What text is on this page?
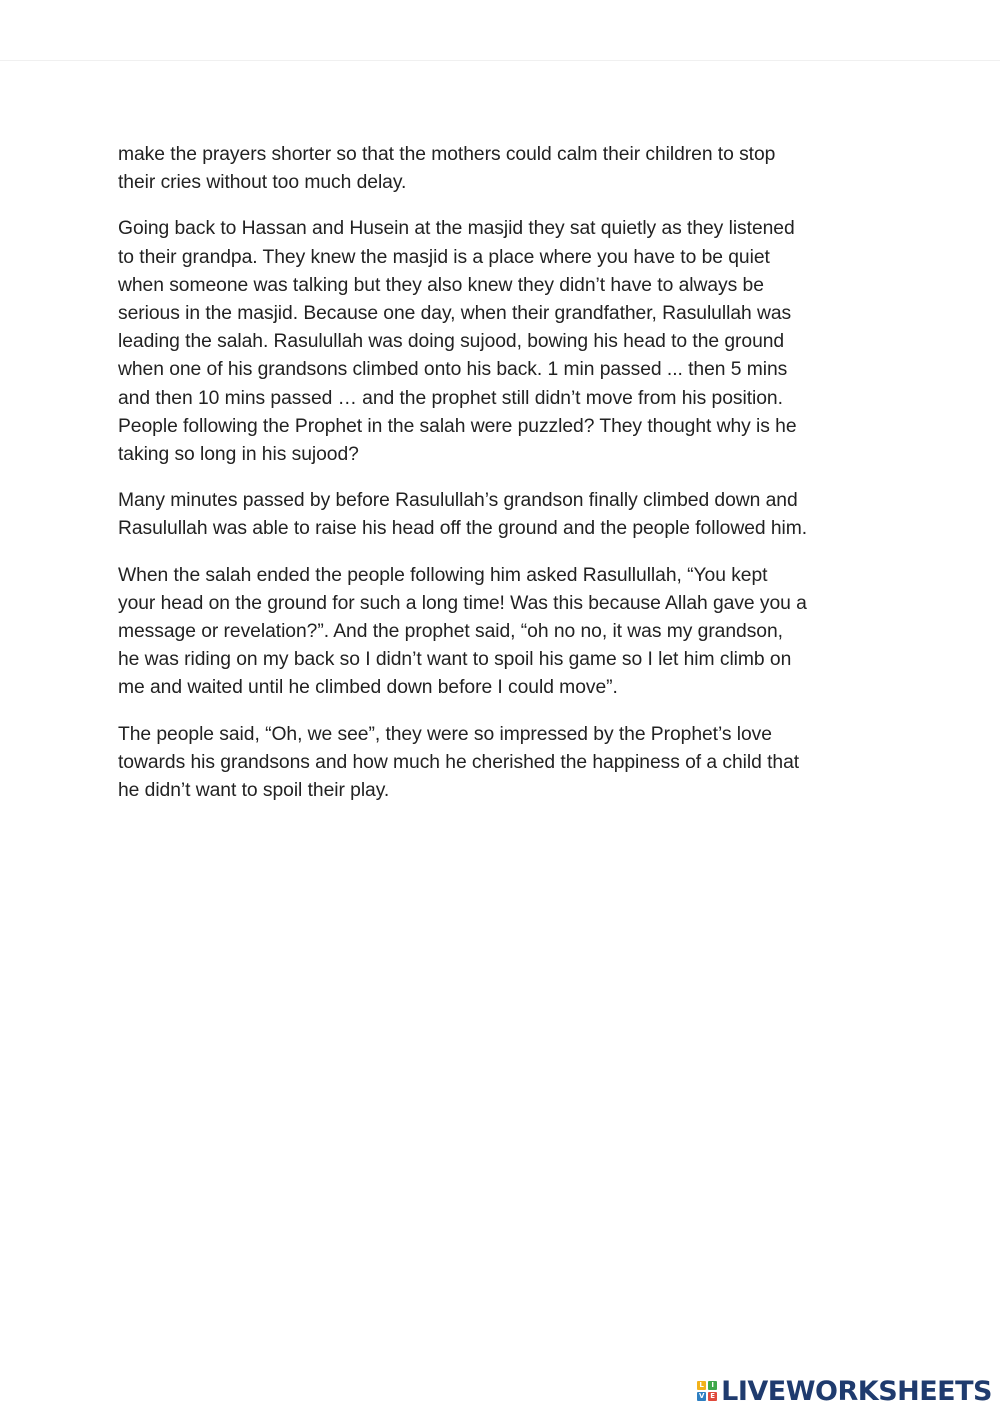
make the prayers shorter so that the mothers could calm their children to stop
their cries without too much delay.

Going back to Hassan and Husein at the masjid they sat quietly as they listened
to their grandpa. They knew the masjid is a place where you have to be quiet
when someone was talking but they also knew they didn’t have to always be
serious in the masjid. Because one day, when their grandfather, Rasulullah was
leading the salah. Rasulullah was doing sujood, bowing his head to the ground
when one of his grandsons climbed onto his back. 1 min passed ... then 5 mins
and then 10 mins passed … and the prophet still didn’t move from his position.
People following the Prophet in the salah were puzzled? They thought why is he
taking so long in his sujood?

Many minutes passed by before Rasulullah’s grandson finally climbed down and
Rasulullah was able to raise his head off the ground and the people followed him.

When the salah ended the people following him asked Rasullullah, “You kept
your head on the ground for such a long time! Was this because Allah gave you a
message or revelation?”. And the prophet said, “oh no no, it was my grandson,
he was riding on my back so I didn’t want to spoil his game so I let him climb on
me and waited until he climbed down before I could move”.

The people said, “Oh, we see”, they were so impressed by the Prophet’s love
towards his grandsons and how much he cherished the happiness of a child that
he didn’t want to spoil their play.

L	I
V E LIVEWORKSHEETS
